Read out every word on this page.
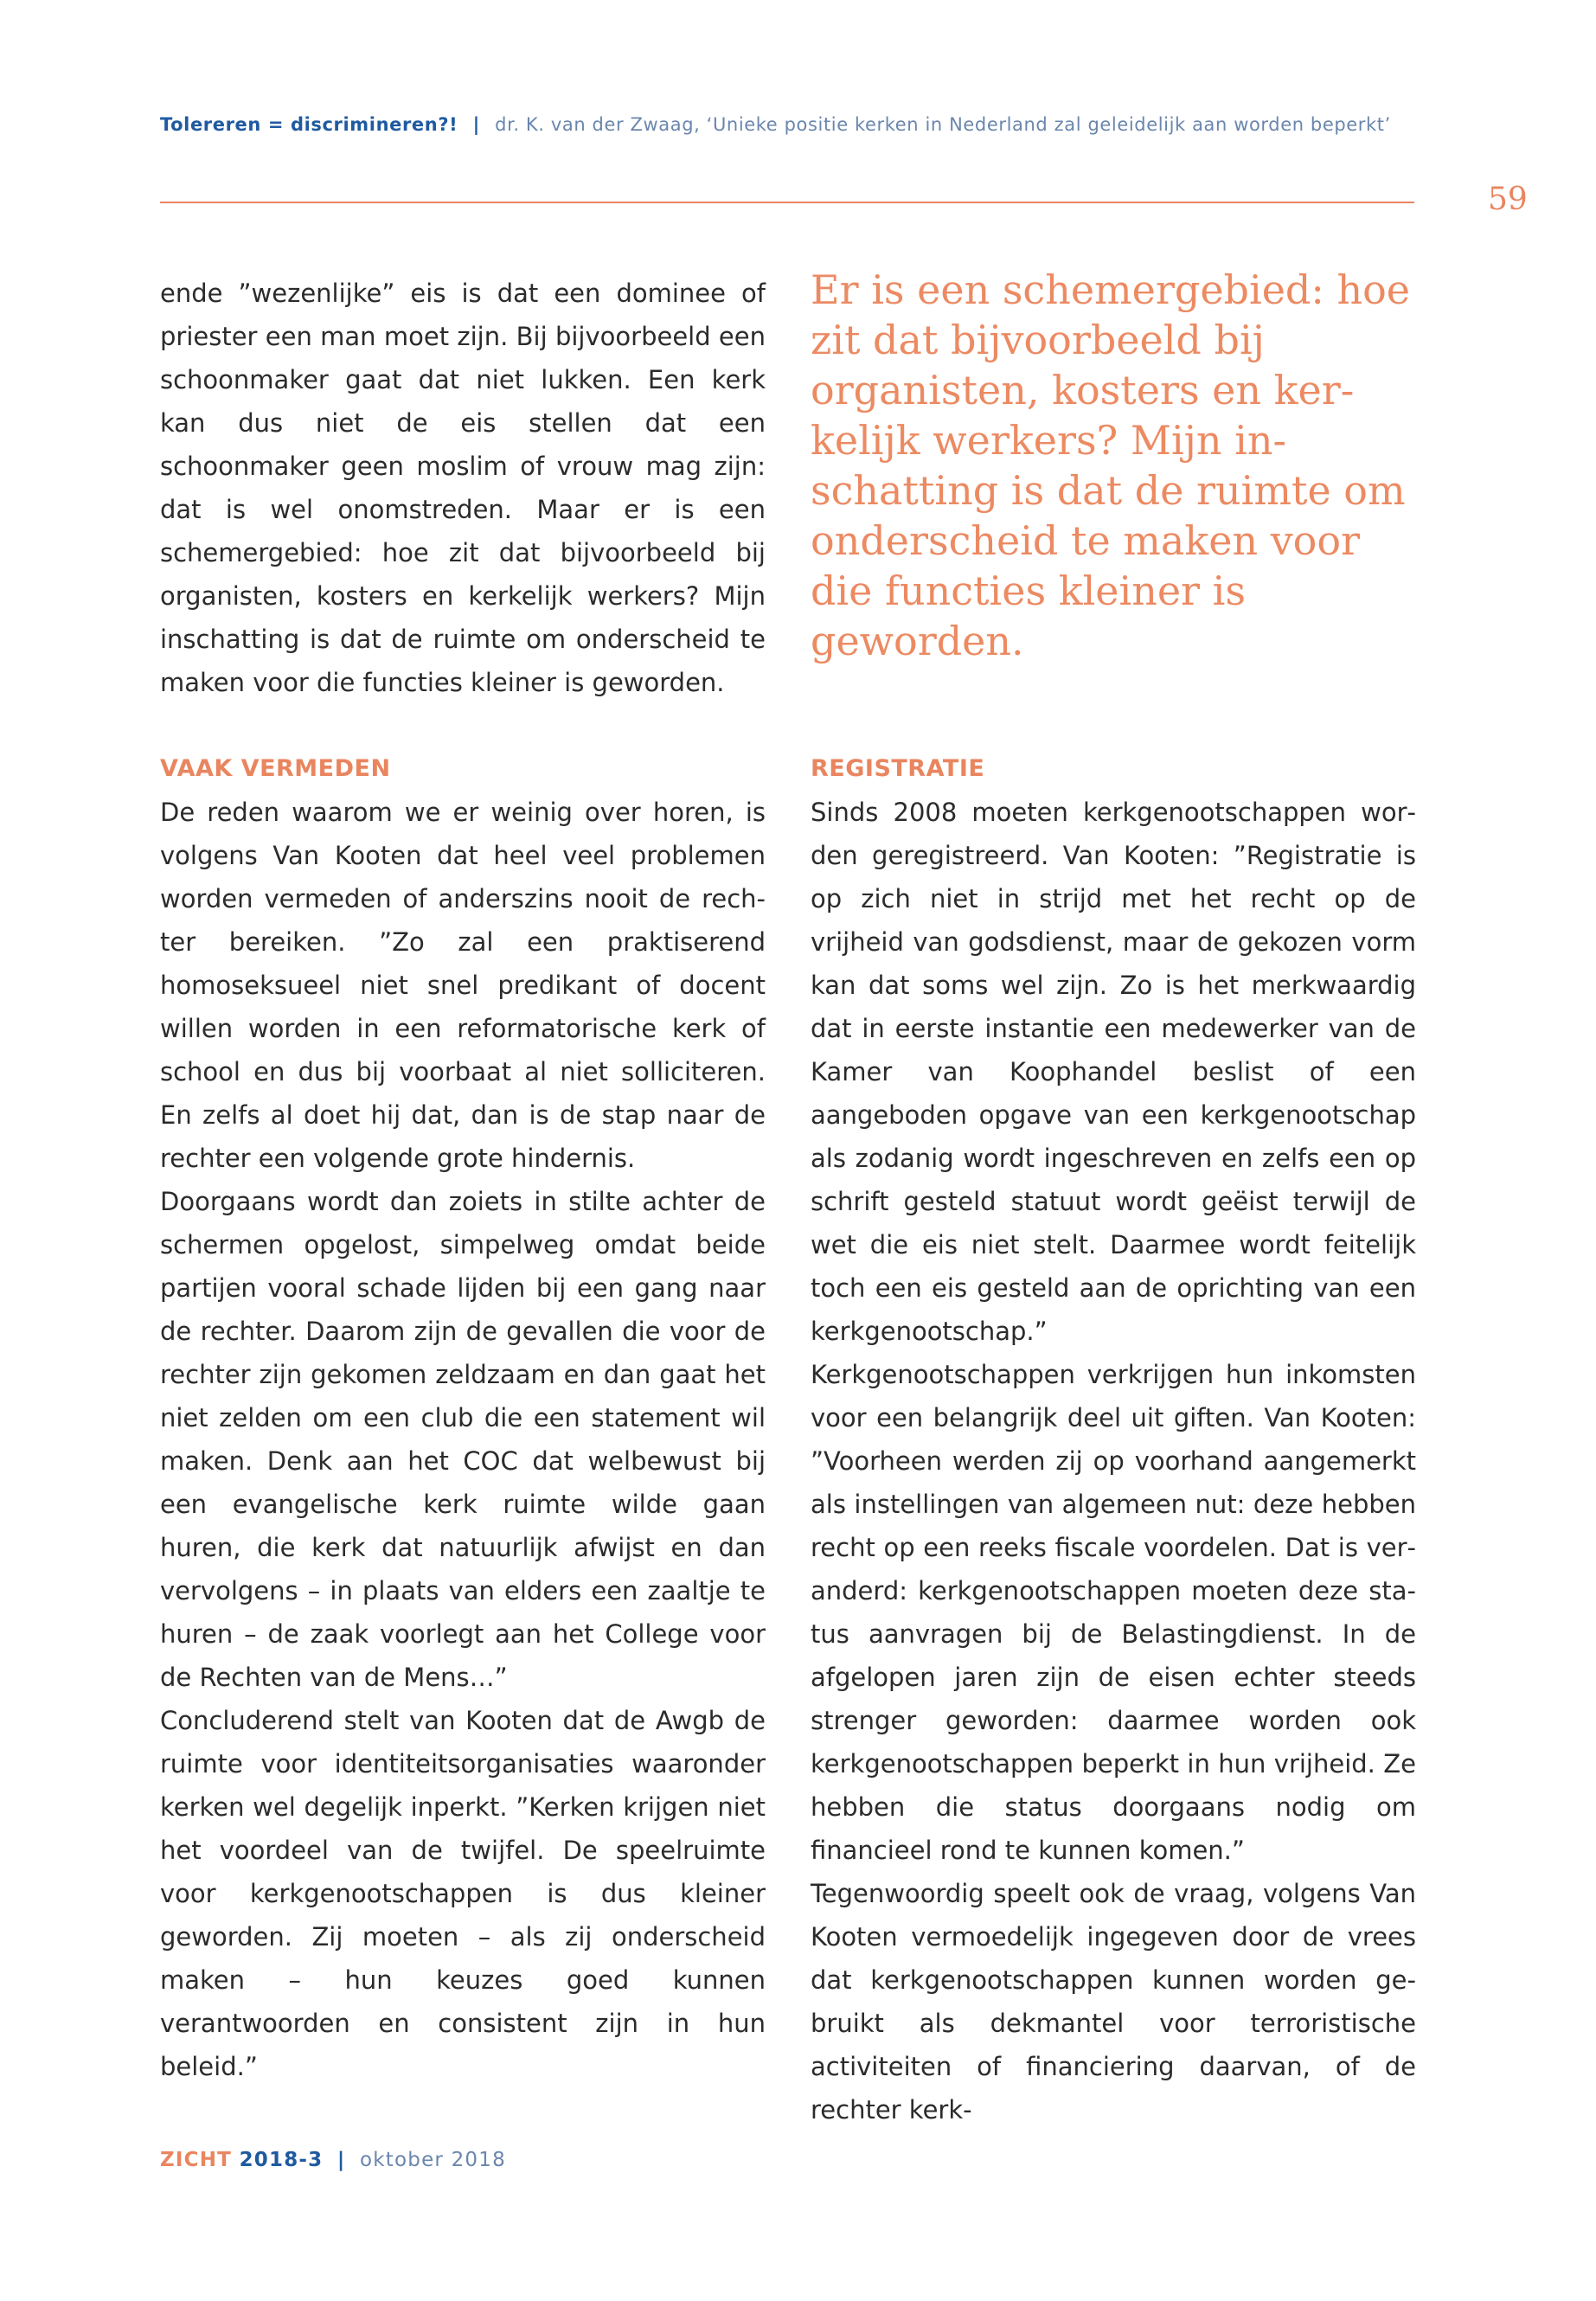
Tolereren = discrimineren?! | dr. K. van der Zwaag, ‘Unieke positie kerken in Nederland zal geleidelijk aan worden beperkt’
59

ende ”wezenlijke” eis is dat een dominee of priester een man moet zijn. Bij bijvoorbeeld een schoonmaker gaat dat niet lukken. Een kerk kan dus niet de eis stellen dat een schoonmaker geen moslim of vrouw mag zijn: dat is wel onomstreden. Maar er is een schemergebied: hoe zit dat bijvoorbeeld bij organisten, kosters en kerkelijk werkers? Mijn inschatting is dat de ruimte om onderscheid te maken voor die functies kleiner is geworden.

Er is een schemergebied: hoe zit dat bijvoorbeeld bij organisten, kosters en kerkelijk werkers? Mijn inschatting is dat de ruimte om onderscheid te maken voor die functies kleiner is geworden.
VAAK VERMEDEN

De reden waarom we er weinig over horen, is volgens Van Kooten dat heel veel problemen worden vermeden of anderszins nooit de rechter bereiken. ”Zo zal een praktiserend homoseksueel niet snel predikant of docent willen worden in een reformatorische kerk of school en dus bij voorbaat al niet solliciteren. En zelfs al doet hij dat, dan is de stap naar de rechter een volgende grote hindernis.

Doorgaans wordt dan zoiets in stilte achter de schermen opgelost, simpelweg omdat beide partijen vooral schade lijden bij een gang naar de rechter. Daarom zijn de gevallen die voor de rechter zijn gekomen zeldzaam en dan gaat het niet zelden om een club die een statement wil maken. Denk aan het COC dat welbewust bij een evangelische kerk ruimte wilde gaan huren, die kerk dat natuurlijk afwijst en dan vervolgens – in plaats van elders een zaaltje te huren – de zaak voorlegt aan het College voor de Rechten van de Mens…”

Concluderend stelt van Kooten dat de Awgb de ruimte voor identiteitsorganisaties waaronder kerken wel degelijk inperkt. ”Kerken krijgen niet het voordeel van de twijfel. De speelruimte voor kerkgenootschappen is dus kleiner geworden. Zij moeten – als zij onderscheid maken – hun keuzes goed kunnen verantwoorden en consistent zijn in hun beleid.”

REGISTRATIE

Sinds 2008 moeten kerkgenootschappen worden geregistreerd. Van Kooten: ”Registratie is op zich niet in strijd met het recht op de vrijheid van godsdienst, maar de gekozen vorm kan dat soms wel zijn. Zo is het merkwaardig dat in eerste instantie een medewerker van de Kamer van Koophandel beslist of een aangeboden opgave van een kerkgenootschap als zodanig wordt ingeschreven en zelfs een op schrift gesteld statuut wordt geëist terwijl de wet die eis niet stelt. Daarmee wordt feitelijk toch een eis gesteld aan de oprichting van een kerkgenootschap.”

Kerkgenootschappen verkrijgen hun inkomsten voor een belangrijk deel uit giften. Van Kooten: ”Voorheen werden zij op voorhand aangemerkt als instellingen van algemeen nut: deze hebben recht op een reeks fiscale voordelen. Dat is veranderd: kerkgenootschappen moeten deze status aanvragen bij de Belastingdienst. In de afgelopen jaren zijn de eisen echter steeds strenger geworden: daarmee worden ook kerkgenootschappen beperkt in hun vrijheid. Ze hebben die status doorgaans nodig om financieel rond te kunnen komen.”

Tegenwoordig speelt ook de vraag, volgens Van Kooten vermoedelijk ingegeven door de vrees dat kerkgenootschappen kunnen worden gebruikt als dekmantel voor terroristische activiteiten of financiering daarvan, of de rechter kerk-

ZICHT 2018-3 | oktober 2018
